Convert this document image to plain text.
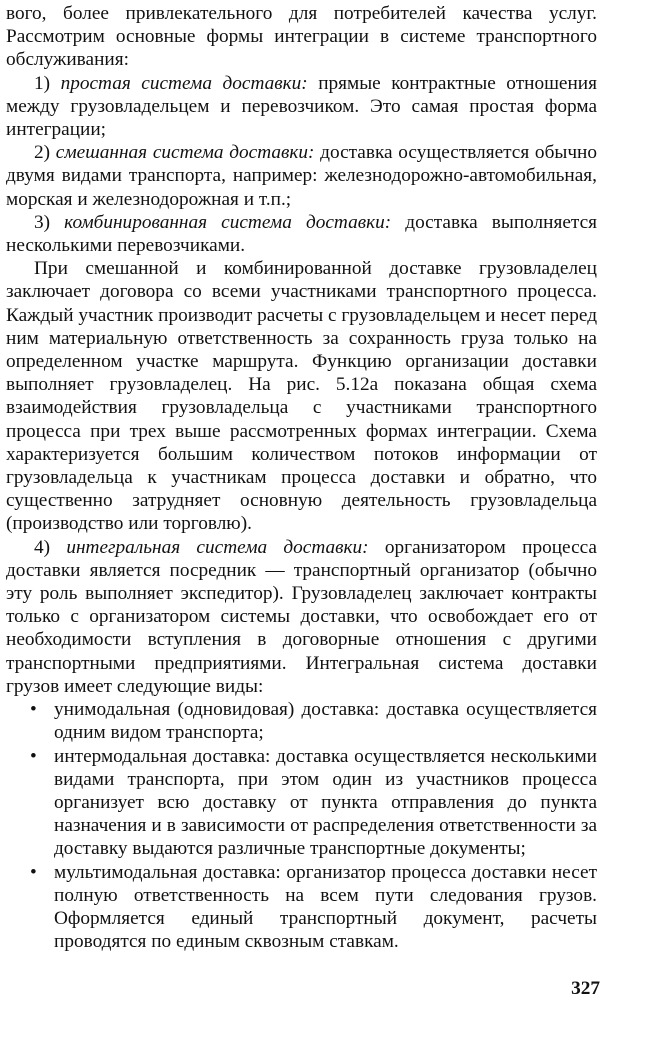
вого, более привлекательного для потребителей качества услуг. Рассмотрим основные формы интеграции в системе транспортного обслуживания:

1) простая система доставки: прямые контрактные отношения между грузовладельцем и перевозчиком. Это самая простая форма интеграции;

2) смешанная система доставки: доставка осуществляется обычно двумя видами транспорта, например: железнодорожно-автомобильная, морская и железнодорожная и т.п.;

3) комбинированная система доставки: доставка выполняется несколькими перевозчиками.

При смешанной и комбинированной доставке грузовладелец заключает договора со всеми участниками транспортного процесса. Каждый участник производит расчеты с грузовладельцем и несет перед ним материальную ответственность за сохранность груза только на определенном участке маршрута. Функцию организации доставки выполняет грузовладелец. На рис. 5.12а показана общая схема взаимодействия грузовладельца с участниками транспортного процесса при трех выше рассмотренных формах интеграции. Схема характеризуется большим количеством потоков информации от грузовладельца к участникам процесса доставки и обратно, что существенно затрудняет основную деятельность грузовладельца (производство или торговлю).

4) интегральная система доставки: организатором процесса доставки является посредник — транспортный организатор (обычно эту роль выполняет экспедитор). Грузовладелец заключает контракты только с организатором системы доставки, что освобождает его от необходимости вступления в договорные отношения с другими транспортными предприятиями. Интегральная система доставки грузов имеет следующие виды:

• унимодальная (одновидовая) доставка: доставка осуществляется одним видом транспорта;
• интермодальная доставка: доставка осуществляется несколькими видами транспорта, при этом один из участников процесса организует всю доставку от пункта отправления до пункта назначения и в зависимости от распределения ответственности за доставку выдаются различные транспортные документы;
• мультимодальная доставка: организатор процесса доставки несет полную ответственность на всем пути следования грузов. Оформляется единый транспортный документ, расчеты проводятся по единым сквозным ставкам.
327
